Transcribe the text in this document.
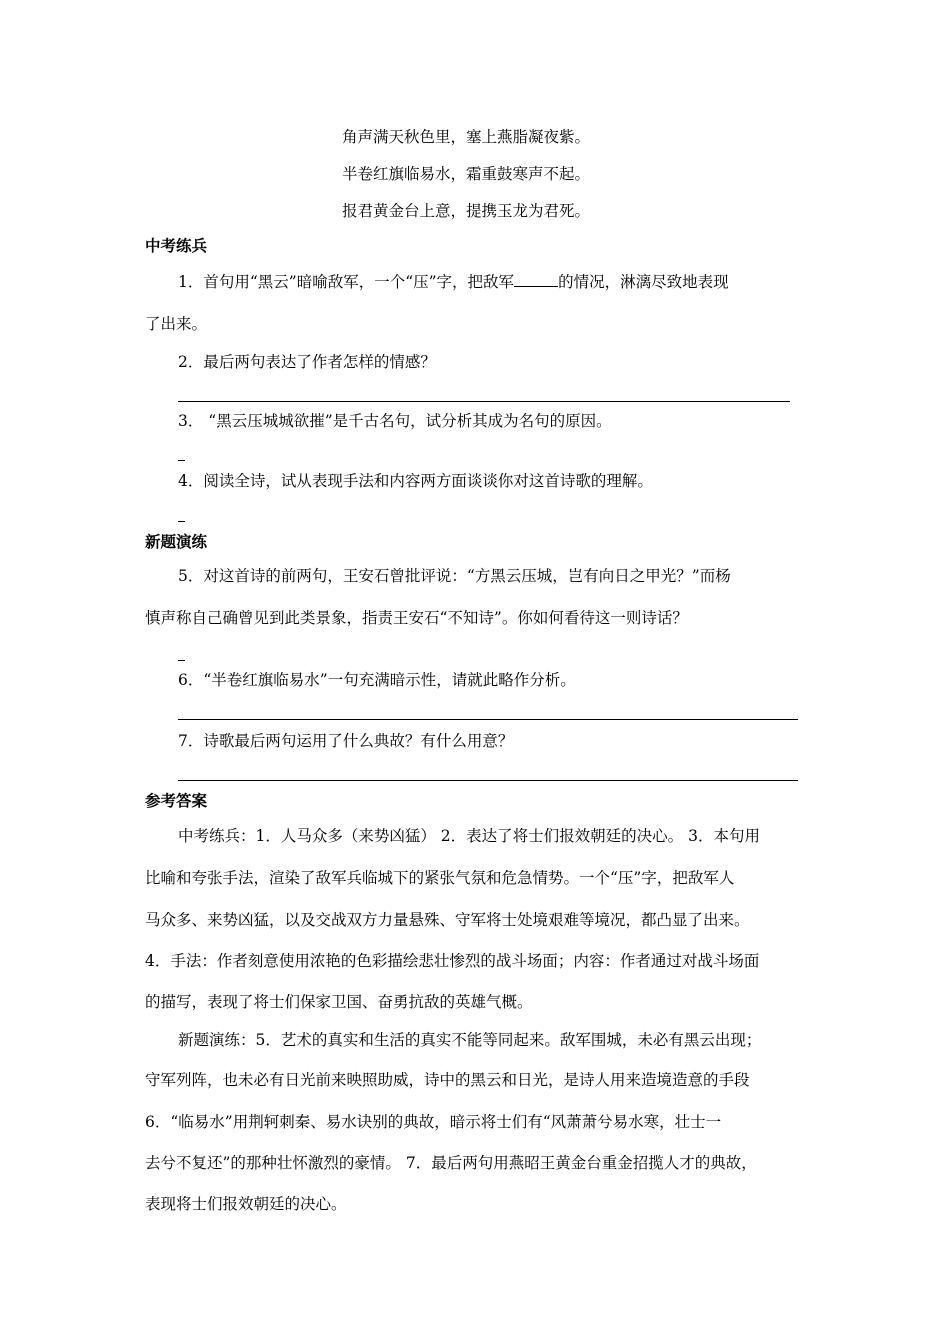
角声满天秋色里，塞上燕脂凝夜紫。
半卷红旗临易水，霜重鼓寒声不起。
报君黄金台上意，提携玉龙为君死。
中考练兵
1．首句用“黑云”暗喻敌军，一个“压”字，把敌军	的情况，淋漓尽致地表现
了出来。
2．最后两句表达了作者怎样的情感？
3． “黑云压城城欲摧”是千古名句，试分析其成为名句的原因。
4．阅读全诗，试从表现手法和内容两方面谈谈你对这首诗歌的理解。
新题演练
5．对这首诗的前两句，王安石曾批评说：“方黑云压城，岂有向日之甲光？”而杨
慎声称自己确曾见到此类景象，指责王安石“不知诗”。你如何看待这一则诗话？
6．“半卷红旗临易水”一句充满暗示性，请就此略作分析。
7．诗歌最后两句运用了什么典故？有什么用意？
参考答案
中考练兵：1．人马众多（来势凶猛） 2．表达了将士们报效朝廷的决心。 3．本句用
比喻和夸张手法，渲染了敌军兵临城下的紧张气氛和危急情势。一个“压”字，把敌军人
马众多、来势凶猛，以及交战双方力量悬殊、守军将士处境艰难等境况，都凸显了出来。
4．手法：作者刻意使用浓艳的色彩描绘悲壮惨烈的战斗场面；内容：作者通过对战斗场面
的描写，表现了将士们保家卫国、奋勇抗敌的英雄气概。
新题演练：5．艺术的真实和生活的真实不能等同起来。敌军围城，未必有黑云出现；
守军列阵，也未必有日光前来映照助威，诗中的黑云和日光，是诗人用来造境造意的手段
6．“临易水”用荆轲刺秦、易水诀别的典故，暗示将士们有“风萧萧兮易水寒，壮士一
去兮不复还”的那种壮怀激烈的豪情。 7．最后两句用燕昭王黄金台重金招揽人才的典故，
表现将士们报效朝廷的决心。
